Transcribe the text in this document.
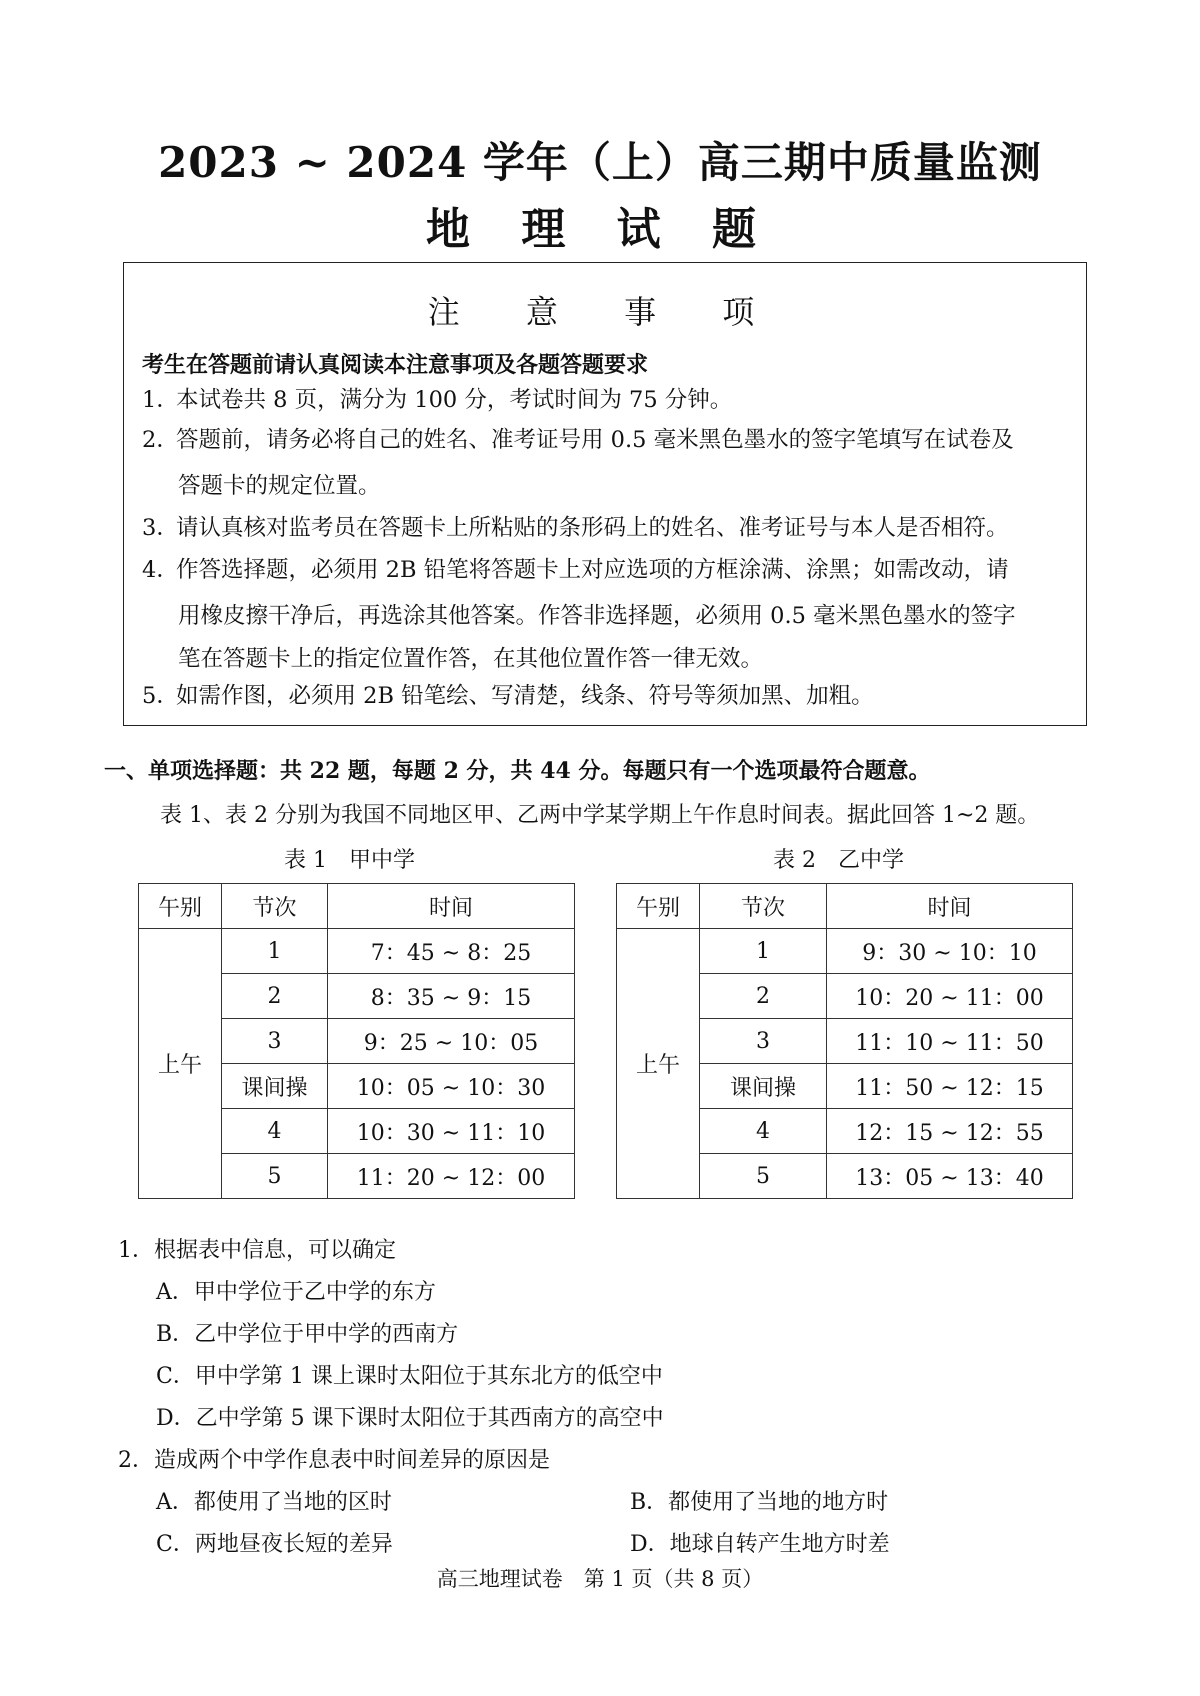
2023 ~ 2024 学年（上）高三期中质量监测
地 理 试 题
注 意 事 项
考生在答题前请认真阅读本注意事项及各题答题要求
1．本试卷共 8 页，满分为 100 分，考试时间为 75 分钟。
2．答题前，请务必将自己的姓名、准考证号用 0.5 毫米黑色墨水的签字笔填写在试卷及
答题卡的规定位置。
3．请认真核对监考员在答题卡上所粘贴的条形码上的姓名、准考证号与本人是否相符。
4．作答选择题，必须用 2B 铅笔将答题卡上对应选项的方框涂满、涂黑；如需改动，请
用橡皮擦干净后，再选涂其他答案。作答非选择题，必须用 0.5 毫米黑色墨水的签字
笔在答题卡上的指定位置作答，在其他位置作答一律无效。
5．如需作图，必须用 2B 铅笔绘、写清楚，线条、符号等须加黑、加粗。
一、单项选择题：共 22 题，每题 2 分，共 44 分。每题只有一个选项最符合题意。
表 1、表 2 分别为我国不同地区甲、乙两中学某学期上午作息时间表。据此回答 1~2 题。
表 1　甲中学	表 2　乙中学
午别	节次	时间
上午	1	7：45 ~ 8：25
	2	8：35 ~ 9：15
	3	9：25 ~ 10：05
	课间操	10：05 ~ 10：30
	4	10：30 ~ 11：10
	5	11：20 ~ 12：00
午别	节次	时间
上午	1	9：30 ~ 10：10
	2	10：20 ~ 11：00
	3	11：10 ~ 11：50
	课间操	11：50 ~ 12：15
	4	12：15 ~ 12：55
	5	13：05 ~ 13：40
1．根据表中信息，可以确定
A．甲中学位于乙中学的东方
B．乙中学位于甲中学的西南方
C．甲中学第 1 课上课时太阳位于其东北方的低空中
D．乙中学第 5 课下课时太阳位于其西南方的高空中
2．造成两个中学作息表中时间差异的原因是
A．都使用了当地的区时	B．都使用了当地的地方时
C．两地昼夜长短的差异	D．地球自转产生地方时差
高三地理试卷　第 1 页（共 8 页）
